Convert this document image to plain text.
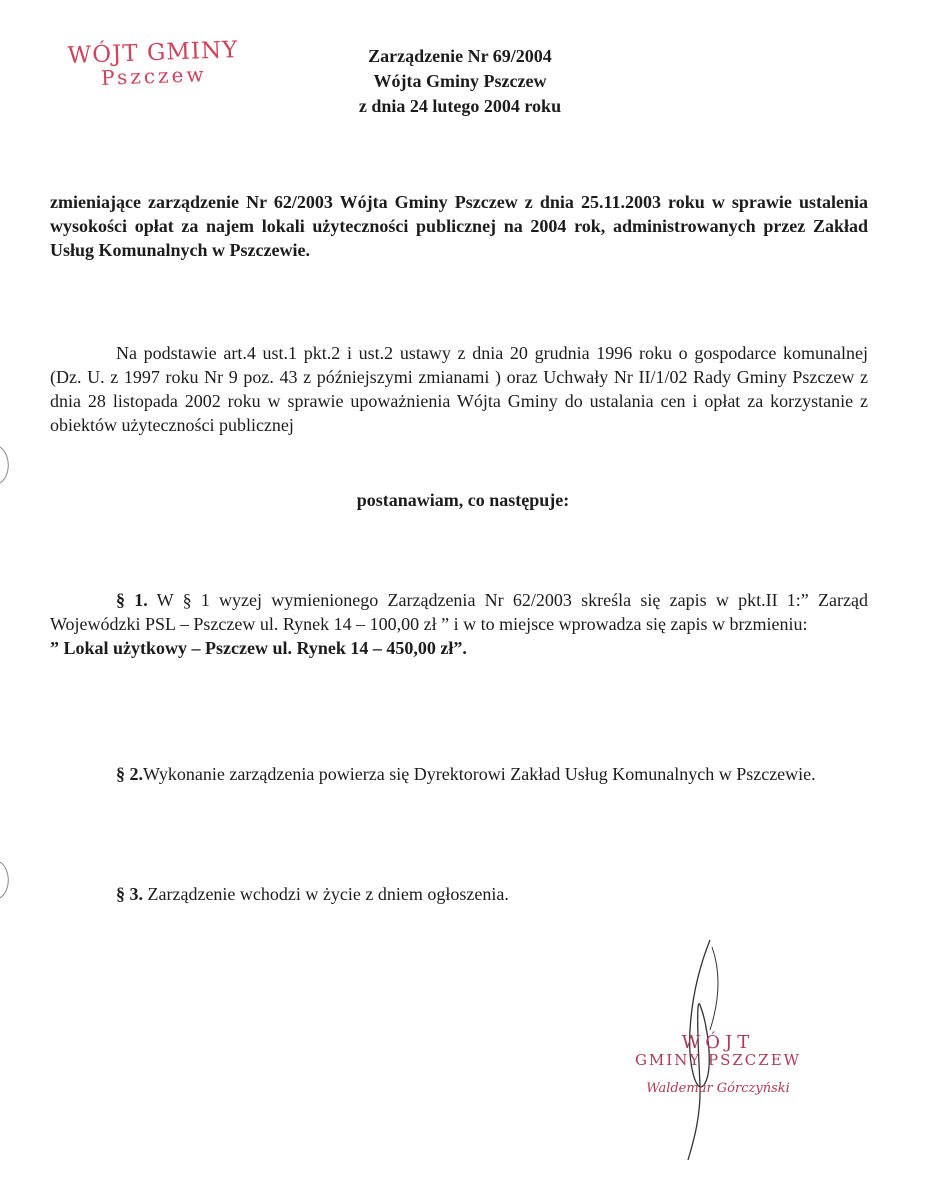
WÓJT GMINY
Pszczew
Zarządzenie Nr 69/2004
Wójta Gminy Pszczew
z dnia 24 lutego 2004 roku
zmieniające zarządzenie Nr 62/2003 Wójta Gminy Pszczew z dnia 25.11.2003 roku w sprawie ustalenia wysokości opłat za najem lokali użyteczności publicznej na 2004 rok, administrowanych przez Zakład Usług Komunalnych w Pszczewie.
Na podstawie art.4 ust.1 pkt.2 i ust.2 ustawy z dnia 20 grudnia 1996 roku o gospodarce komunalnej (Dz. U. z 1997 roku Nr 9 poz. 43 z późniejszymi zmianami ) oraz Uchwały Nr II/1/02 Rady Gminy Pszczew z dnia 28 listopada 2002 roku w sprawie upoważnienia Wójta Gminy do ustalania cen i opłat za korzystanie z obiektów użyteczności publicznej
postanawiam, co następuje:
§ 1. W § 1 wyzej wymienionego Zarządzenia Nr 62/2003 skreśla się zapis w pkt.II 1:” Zarząd Wojewódzki PSL – Pszczew ul. Rynek 14 – 100,00 zł ” i w to miejsce wprowadza się zapis w brzmieniu:
” Lokal użytkowy – Pszczew ul. Rynek 14 – 450,00 zł”.
§ 2.Wykonanie zarządzenia powierza się Dyrektorowi Zakład Usług Komunalnych w Pszczewie.
§ 3. Zarządzenie wchodzi w życie z dniem ogłoszenia.
WÓJT
GMINY PSZCZEW
Waldemar Górczyński
